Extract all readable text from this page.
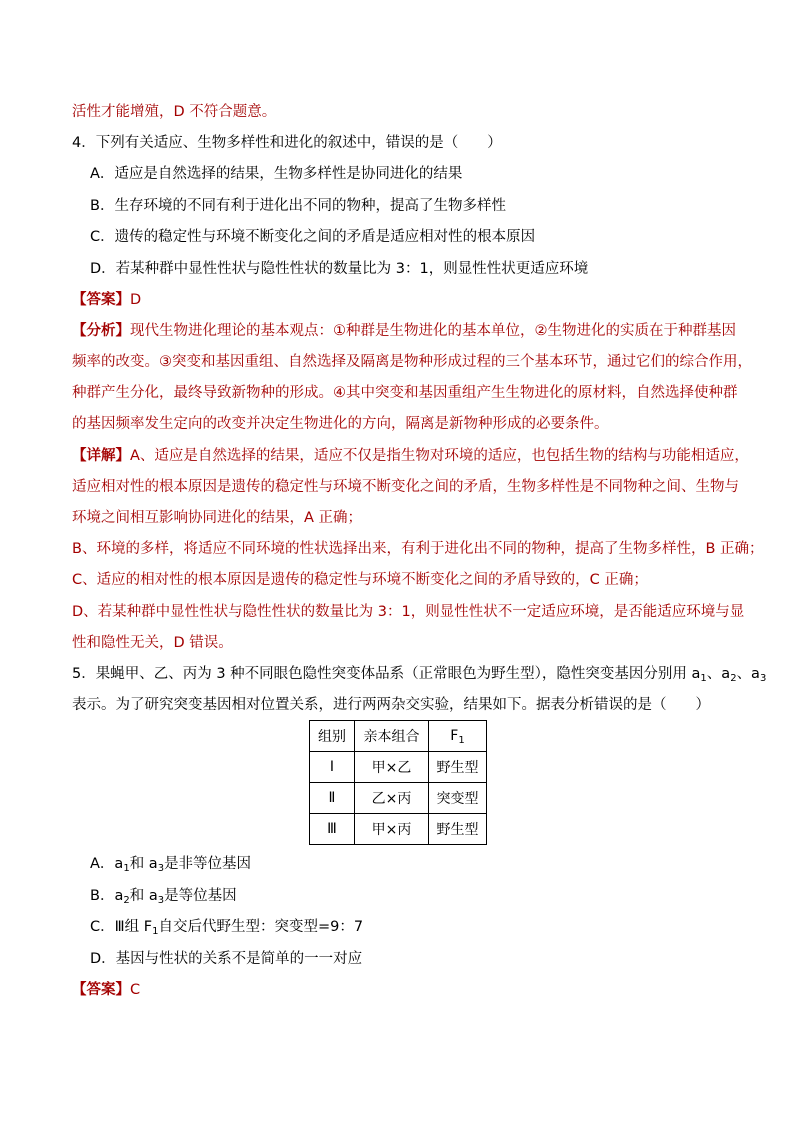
活性才能增殖，D 不符合题意。
4．下列有关适应、生物多样性和进化的叙述中，错误的是（　　）
A．适应是自然选择的结果，生物多样性是协同进化的结果
B．生存环境的不同有利于进化出不同的物种，提高了生物多样性
C．遗传的稳定性与环境不断变化之间的矛盾是适应相对性的根本原因
D．若某种群中显性性状与隐性性状的数量比为 3：1，则显性性状更适应环境
【答案】D
【分析】现代生物进化理论的基本观点：①种群是生物进化的基本单位，②生物进化的实质在于种群基因
频率的改变。③突变和基因重组、自然选择及隔离是物种形成过程的三个基本环节，通过它们的综合作用，
种群产生分化，最终导致新物种的形成。④其中突变和基因重组产生生物进化的原材料，自然选择使种群
的基因频率发生定向的改变并决定生物进化的方向，隔离是新物种形成的必要条件。
【详解】A、适应是自然选择的结果，适应不仅是指生物对环境的适应，也包括生物的结构与功能相适应，
适应相对性的根本原因是遗传的稳定性与环境不断变化之间的矛盾，生物多样性是不同物种之间、生物与
环境之间相互影响协同进化的结果，A 正确；
B、环境的多样，将适应不同环境的性状选择出来，有利于进化出不同的物种，提高了生物多样性，B 正确；
C、适应的相对性的根本原因是遗传的稳定性与环境不断变化之间的矛盾导致的，C 正确；
D、若某种群中显性性状与隐性性状的数量比为 3：1，则显性性状不一定适应环境，是否能适应环境与显
性和隐性无关，D 错误。
5．果蝇甲、乙、丙为 3 种不同眼色隐性突变体品系（正常眼色为野生型），隐性突变基因分别用 $a_1$、$a_2$、$a_3$
表示。为了研究突变基因相对位置关系，进行两两杂交实验，结果如下。据表分析错误的是（　　）
组别	亲本组合	$F_1$
Ⅰ	甲×乙	野生型
Ⅱ	乙×丙	突变型
Ⅲ	甲×丙	野生型
A．$a_1$和 $a_3$是非等位基因
B．$a_2$和 $a_3$是等位基因
C．Ⅲ组 $F_1$自交后代野生型：突变型=9：7
D．基因与性状的关系不是简单的一一对应
【答案】C
